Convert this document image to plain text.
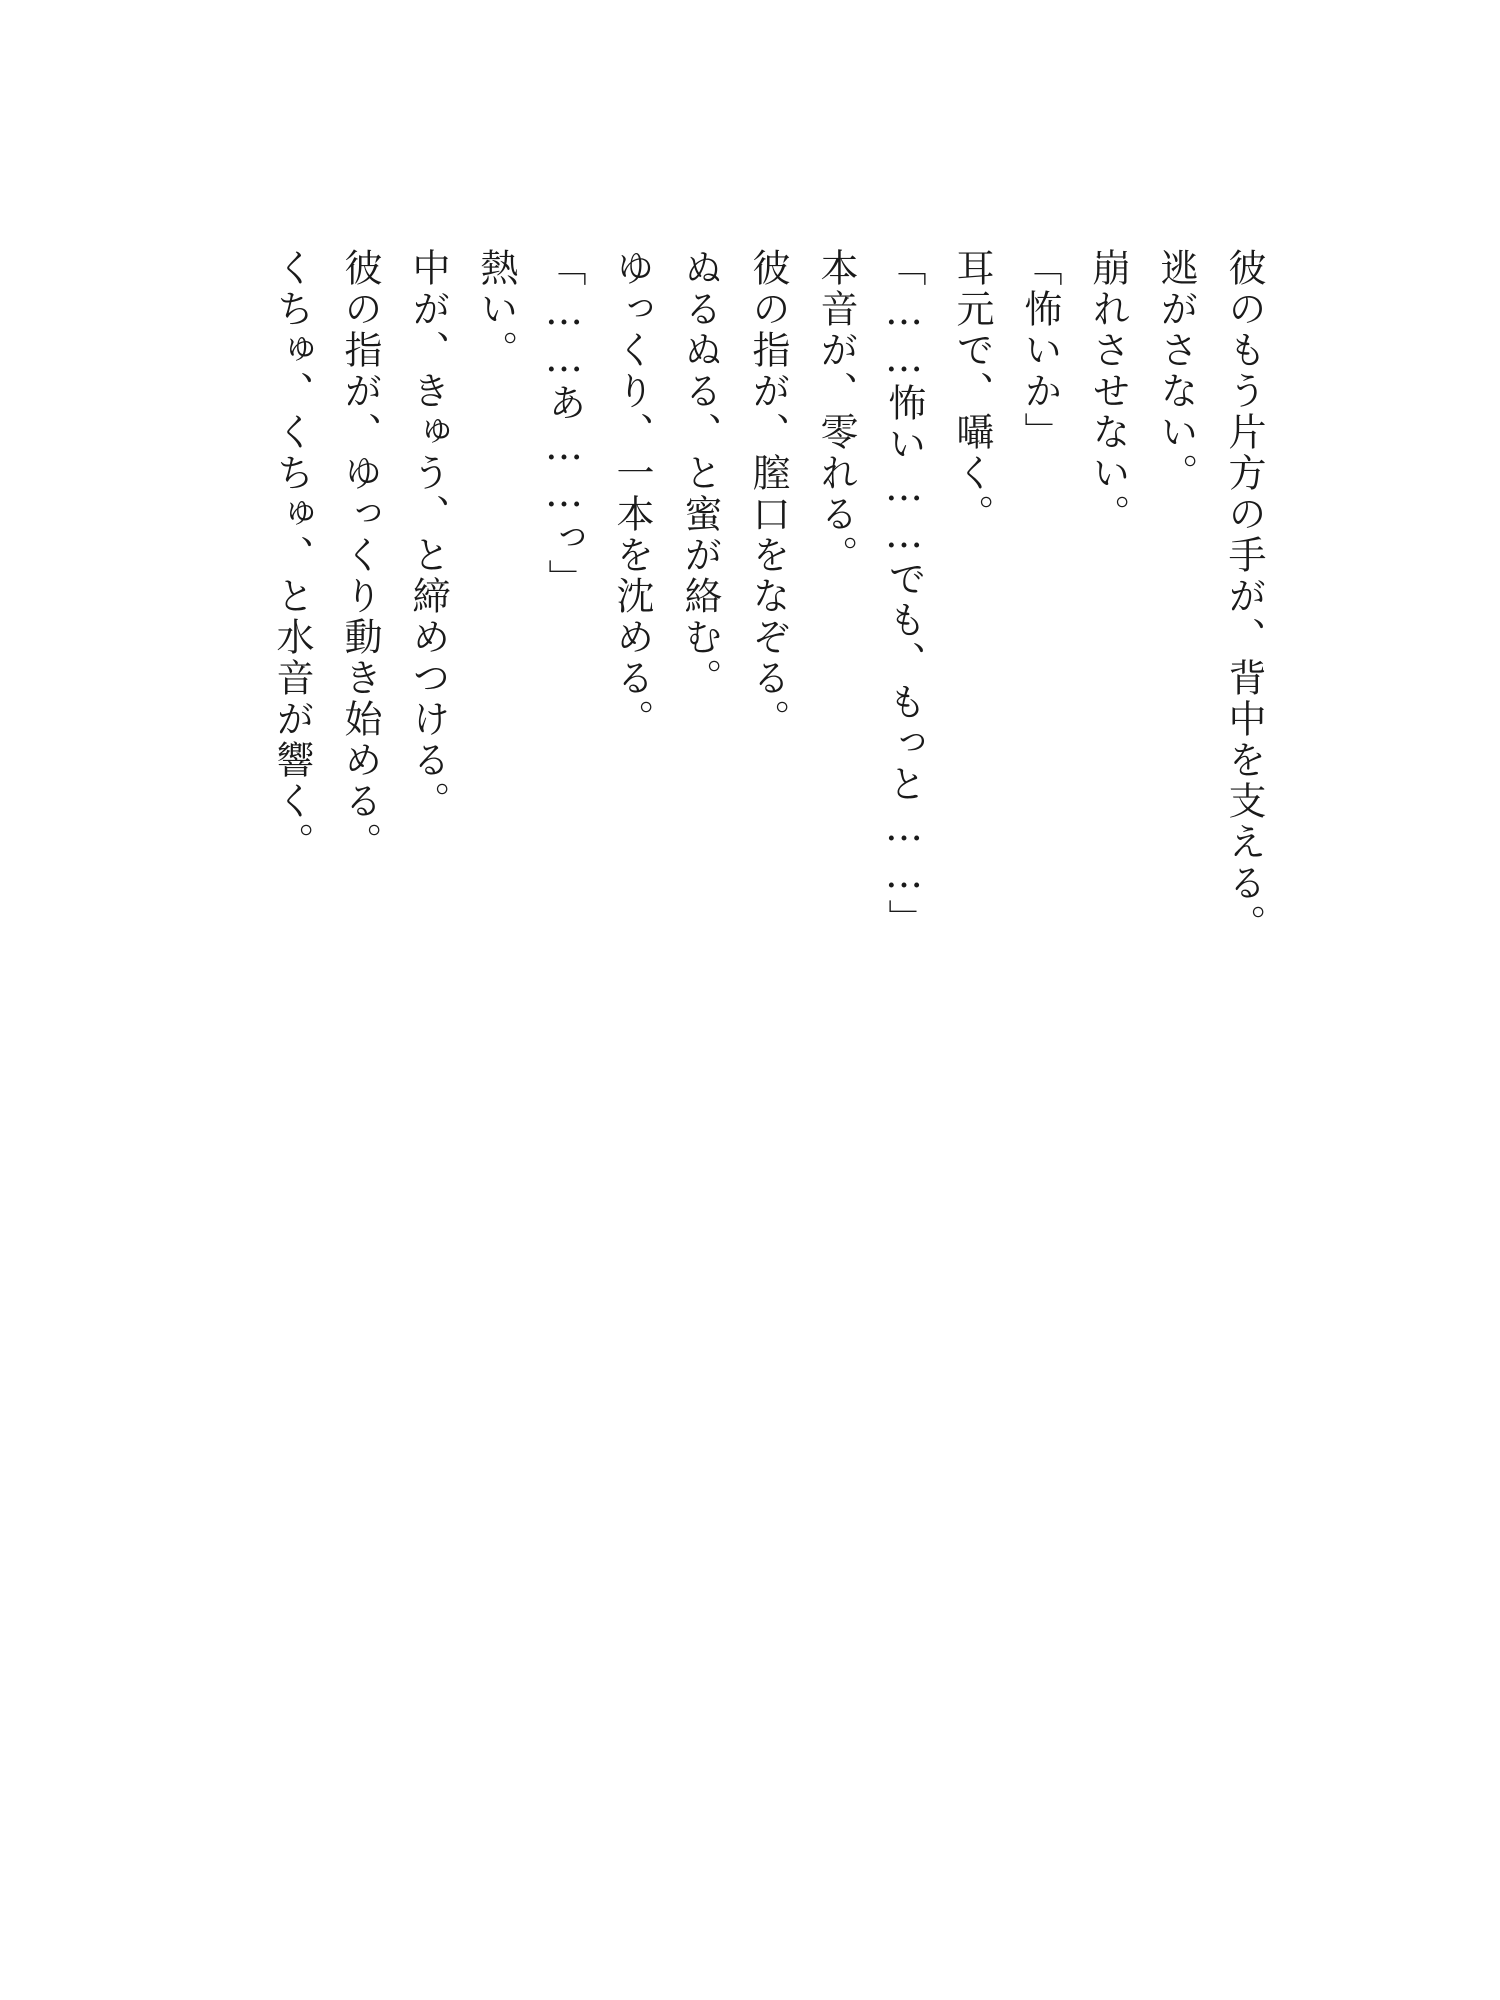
彼のもう片方の手が、背中を支える。

逃がさない。

崩れさせない。

「怖いか」

耳元で、囁く。

「……怖い……でも、もっと……」

本音が、零れる。

彼の指が、膣口をなぞる。

ぬるぬる、と蜜が絡む。

ゆっくり、一本を沈める。

「……あ……っ」

熱い。

中が、きゅう、と締めつける。

彼の指が、ゆっくり動き始める。

くちゅ、くちゅ、と水音が響く。
